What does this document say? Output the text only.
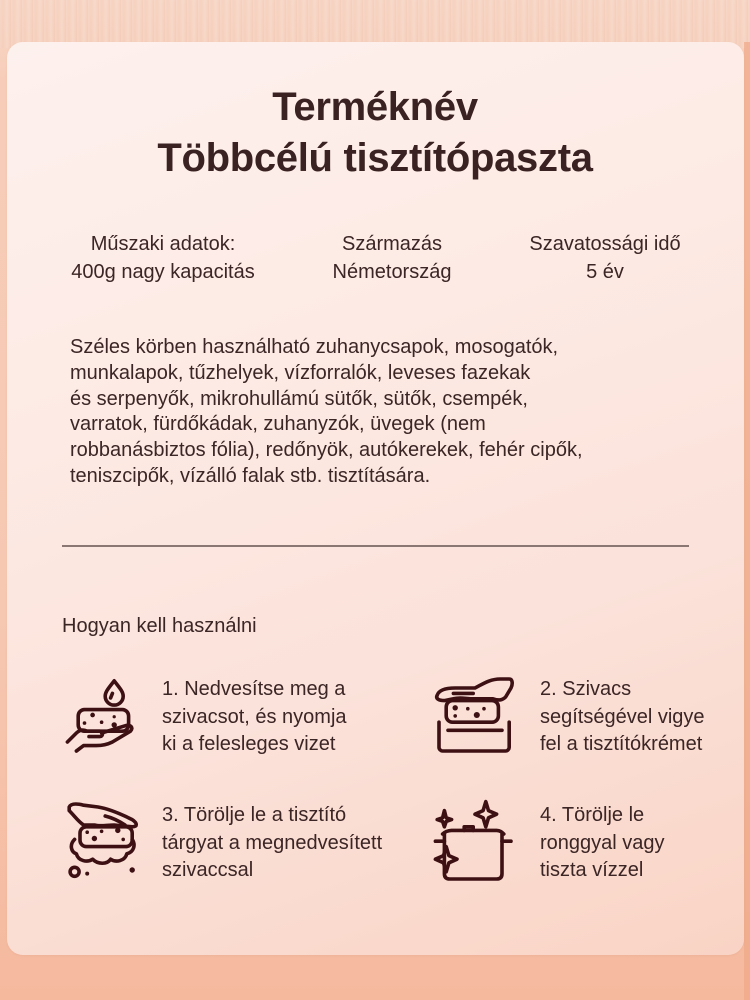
Terméknév
Többcélú tisztítópaszta
Műszaki adatok:
400g nagy kapacitás
Származás
Németország
Szavatossági idő
5 év
Széles körben használható zuhanycsapok, mosogatók,
munkalapok, tűzhelyek, vízforralók, leveses fazekak
és serpenyők, mikrohullámú sütők, sütők, csempék,
varratok, fürdőkádak, zuhanyzók, üvegek (nem
robbanásbiztos fólia), redőnyök, autókerekek, fehér cipők,
teniszcipők, vízálló falak stb. tisztítására.
Hogyan kell használni
1. Nedvesítse meg a
szivacsot, és nyomja
ki a felesleges vizet
2. Szivacs
segítségével vigye
fel a tisztítókrémet
3. Törölje le a tisztító
tárgyat a megnedvesített
szivaccsal
4. Törölje le
ronggyal vagy
tiszta vízzel
